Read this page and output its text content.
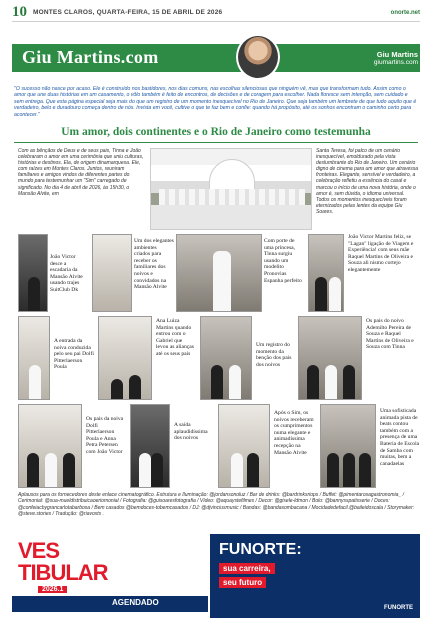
10 MONTES CLAROS, QUARTA-FEIRA, 15 DE ABRIL DE 2026	onorte.net
Giu Martins.com	Giu Martins
giumartins.com

"O sucesso não nasce por acaso. Ele é construído nos bastidores, nos dias comuns, nas escolhas silenciosas que ninguém vê, mas que transformam tudo. Assim como o amor que une duas histórias em um casamento, o vôlo também é feito de encontros, de decisões e de coragem para escolher. Nada floresce sem intenção, sem cuidado e sem entrega. Que esta página especial seja mais do que um registro de um momento inesquecível no Rio de Janeiro. Que seja também um lembrete de que tudo aquilo que é verdadeiro, belo e duradouro começa dentro de nós. Invista em você, cultive o que te faz bem e confie: quando há propósito, até os sonhos encontram o caminho certo para acontecer."

Um amor, dois continentes e o Rio de Janeiro como testemunha

Com as bênçãos de Deus e de seus pais, Tinna e João celebraram o amor em uma cerimônia que uniu culturas, histórias e destinos. Ela, de origem dinamarquesa. Ele, com raízes em Montes Claros. Juntos, reuniram familiares e amigos vindos de diferentes partes do mundo para testemunhar um "Sim" carregado de significado. No dia 4 de abril de 2026, às 15h30, o Mansão Alvite, em

Santa Teresa, foi palco de um cenário inesquecível, emoldurado pela vista deslumbrante do Rio de Janeiro. Um cenário digno de cinema para um amor que atravessa fronteiras. Elegante, sensível e verdadeiro, a celebração refletiu a essência do casal e marcou o início de uma nova história, onde o amor é, sem dúvida, o idioma universal. Todos os momentos inesquecíveis foram eternizados pelas lentes da equipe Giu Soares.

João Victor desce a escadaria da Mansão Alvite usando trajes SuitClub Dk

Um dos elegantes ambientes criados para receber os familiares dos noivos e convidados na Mansão Alvite

Com porte de uma princesa, Tinna surgiu usando um modelito Pronovias Espanha perfeito

João Victor Martins feliz, se "Lagan" ligação de Viagem e Experiência! com seus mãe Raquel Martins de Oliveira e Souza ali nismo cortejo elegantemente

A entrada da noiva conduzida pelo seu pai Dolfi Pitterlaerson Poula

Ana Luiza Martins quando entrou com o Gabriel que levou as alianças até os seus pais

Um registro do momento da benção dos pais dos noivos

Os pais do noivo Ademilto Pereira de Souza e Raquel Martins de Oliveira e Souza com Tinna

Os pais da noiva Dolfi Pitterlaerson Poula e Anna Petra Petersen com João Victor

A saída aplaudidíssima dos noivos

Após o Sim, os noivos receberam os cumprimentos numa elegante e animadíssima recepção na Mansão Alvite

Uma sofisticada animada pista de beats contou também com a presença de uma Bateria de Escola de Samba com muitas, bem a canadaelas

Aplausos para os fornecedores deste enlace cinematográfico. Estrutura e Iluminação: @jordansonoluz / Bar de drinks: @bardrinksriops / Buffet: @pimentarosagastronomia_ / Cerimonial: @sua-mueldistribuicaoeriomonial / Fotografia: @guisoaresfotografia / Vídeo: @aquaystefilmes / Decor: @gisele-ldmon / Bolo: @bannysspatisserie / Doces: @confeiacbygrancarlotabarbosa / Bem casados @bemdoces-tobemcasados / DJ: @djvinciusmusic / Bandas: @bandasombacana / Mocidadedefacil.@baileidoscala / Storymaker: @steve.stories / Tradução: @riavoxts .

VES
TIBULAR
2026.1
AGENDADO
FUNORTE:
sua carreira,
seu futuro
FUNORTE
